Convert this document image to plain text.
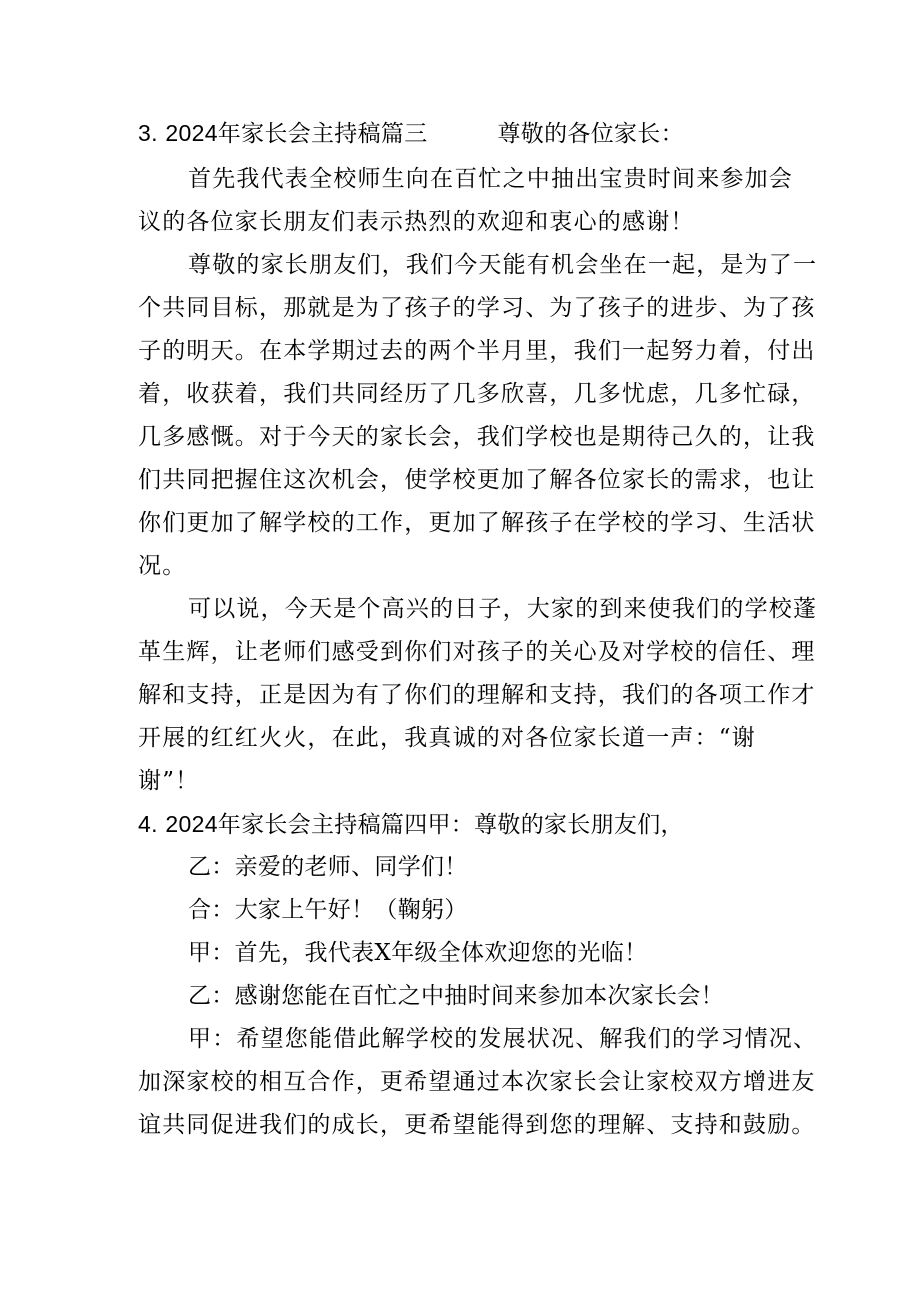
3. 2024年家长会主持稿篇三	尊敬的各位家长：
首先我代表全校师生向在百忙之中抽出宝贵时间来参加会
议的各位家长朋友们表示热烈的欢迎和衷心的感谢！
尊敬的家长朋友们，我们今天能有机会坐在一起，是为了一
个共同目标，那就是为了孩子的学习、为了孩子的进步、为了孩
子的明天。在本学期过去的两个半月里，我们一起努力着，付出
着，收获着，我们共同经历了几多欣喜，几多忧虑，几多忙碌，
几多感慨。对于今天的家长会，我们学校也是期待己久的，让我
们共同把握住这次机会，使学校更加了解各位家长的需求，也让
你们更加了解学校的工作，更加了解孩子在学校的学习、生活状
况。
可以说，今天是个高兴的日子，大家的到来使我们的学校蓬
革生辉，让老师们感受到你们对孩子的关心及对学校的信任、理
解和支持，正是因为有了你们的理解和支持，我们的各项工作才
开展的红红火火，在此，我真诚的对各位家长道一声：“谢
谢”！
4. 2024年家长会主持稿篇四甲：尊敬的家长朋友们，
乙：亲爱的老师、同学们！
合：大家上午好！（鞠躬）
甲：首先，我代表X年级全体欢迎您的光临！
乙：感谢您能在百忙之中抽时间来参加本次家长会！
甲：希望您能借此解学校的发展状况、解我们的学习情况、
加深家校的相互合作，更希望通过本次家长会让家校双方增进友
谊共同促进我们的成长，更希望能得到您的理解、支持和鼓励。
